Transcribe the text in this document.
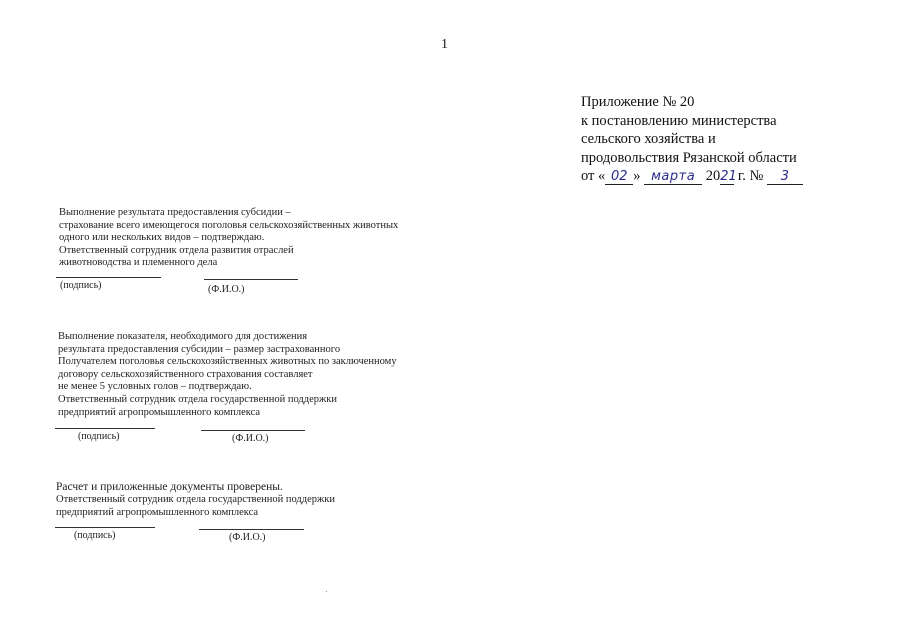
1
Приложение № 20
к постановлению министерства
сельского хозяйства и
продовольствия Рязанской области
от « 02 » марта 2021 г. № 3
Выполнение результата предоставления субсидии –
страхование всего имеющегося поголовья сельскохозяйственных животных
одного или нескольких видов – подтверждаю.
Ответственный сотрудник отдела развития отраслей
животноводства и племенного дела
(подпись)	(Ф.И.О.)
Выполнение показателя, необходимого для достижения
результата предоставления субсидии – размер застрахованного
Получателем поголовья сельскохозяйственных животных по заключенному
договору сельскохозяйственного страхования составляет
не менее 5 условных голов – подтверждаю.
Ответственный сотрудник отдела государственной поддержки
предприятий агропромышленного комплекса
(подпись)	(Ф.И.О.)
Расчет и приложенные документы проверены.
Ответственный сотрудник отдела государственной поддержки
предприятий агропромышленного комплекса
(подпись)	(Ф.И.О.)
